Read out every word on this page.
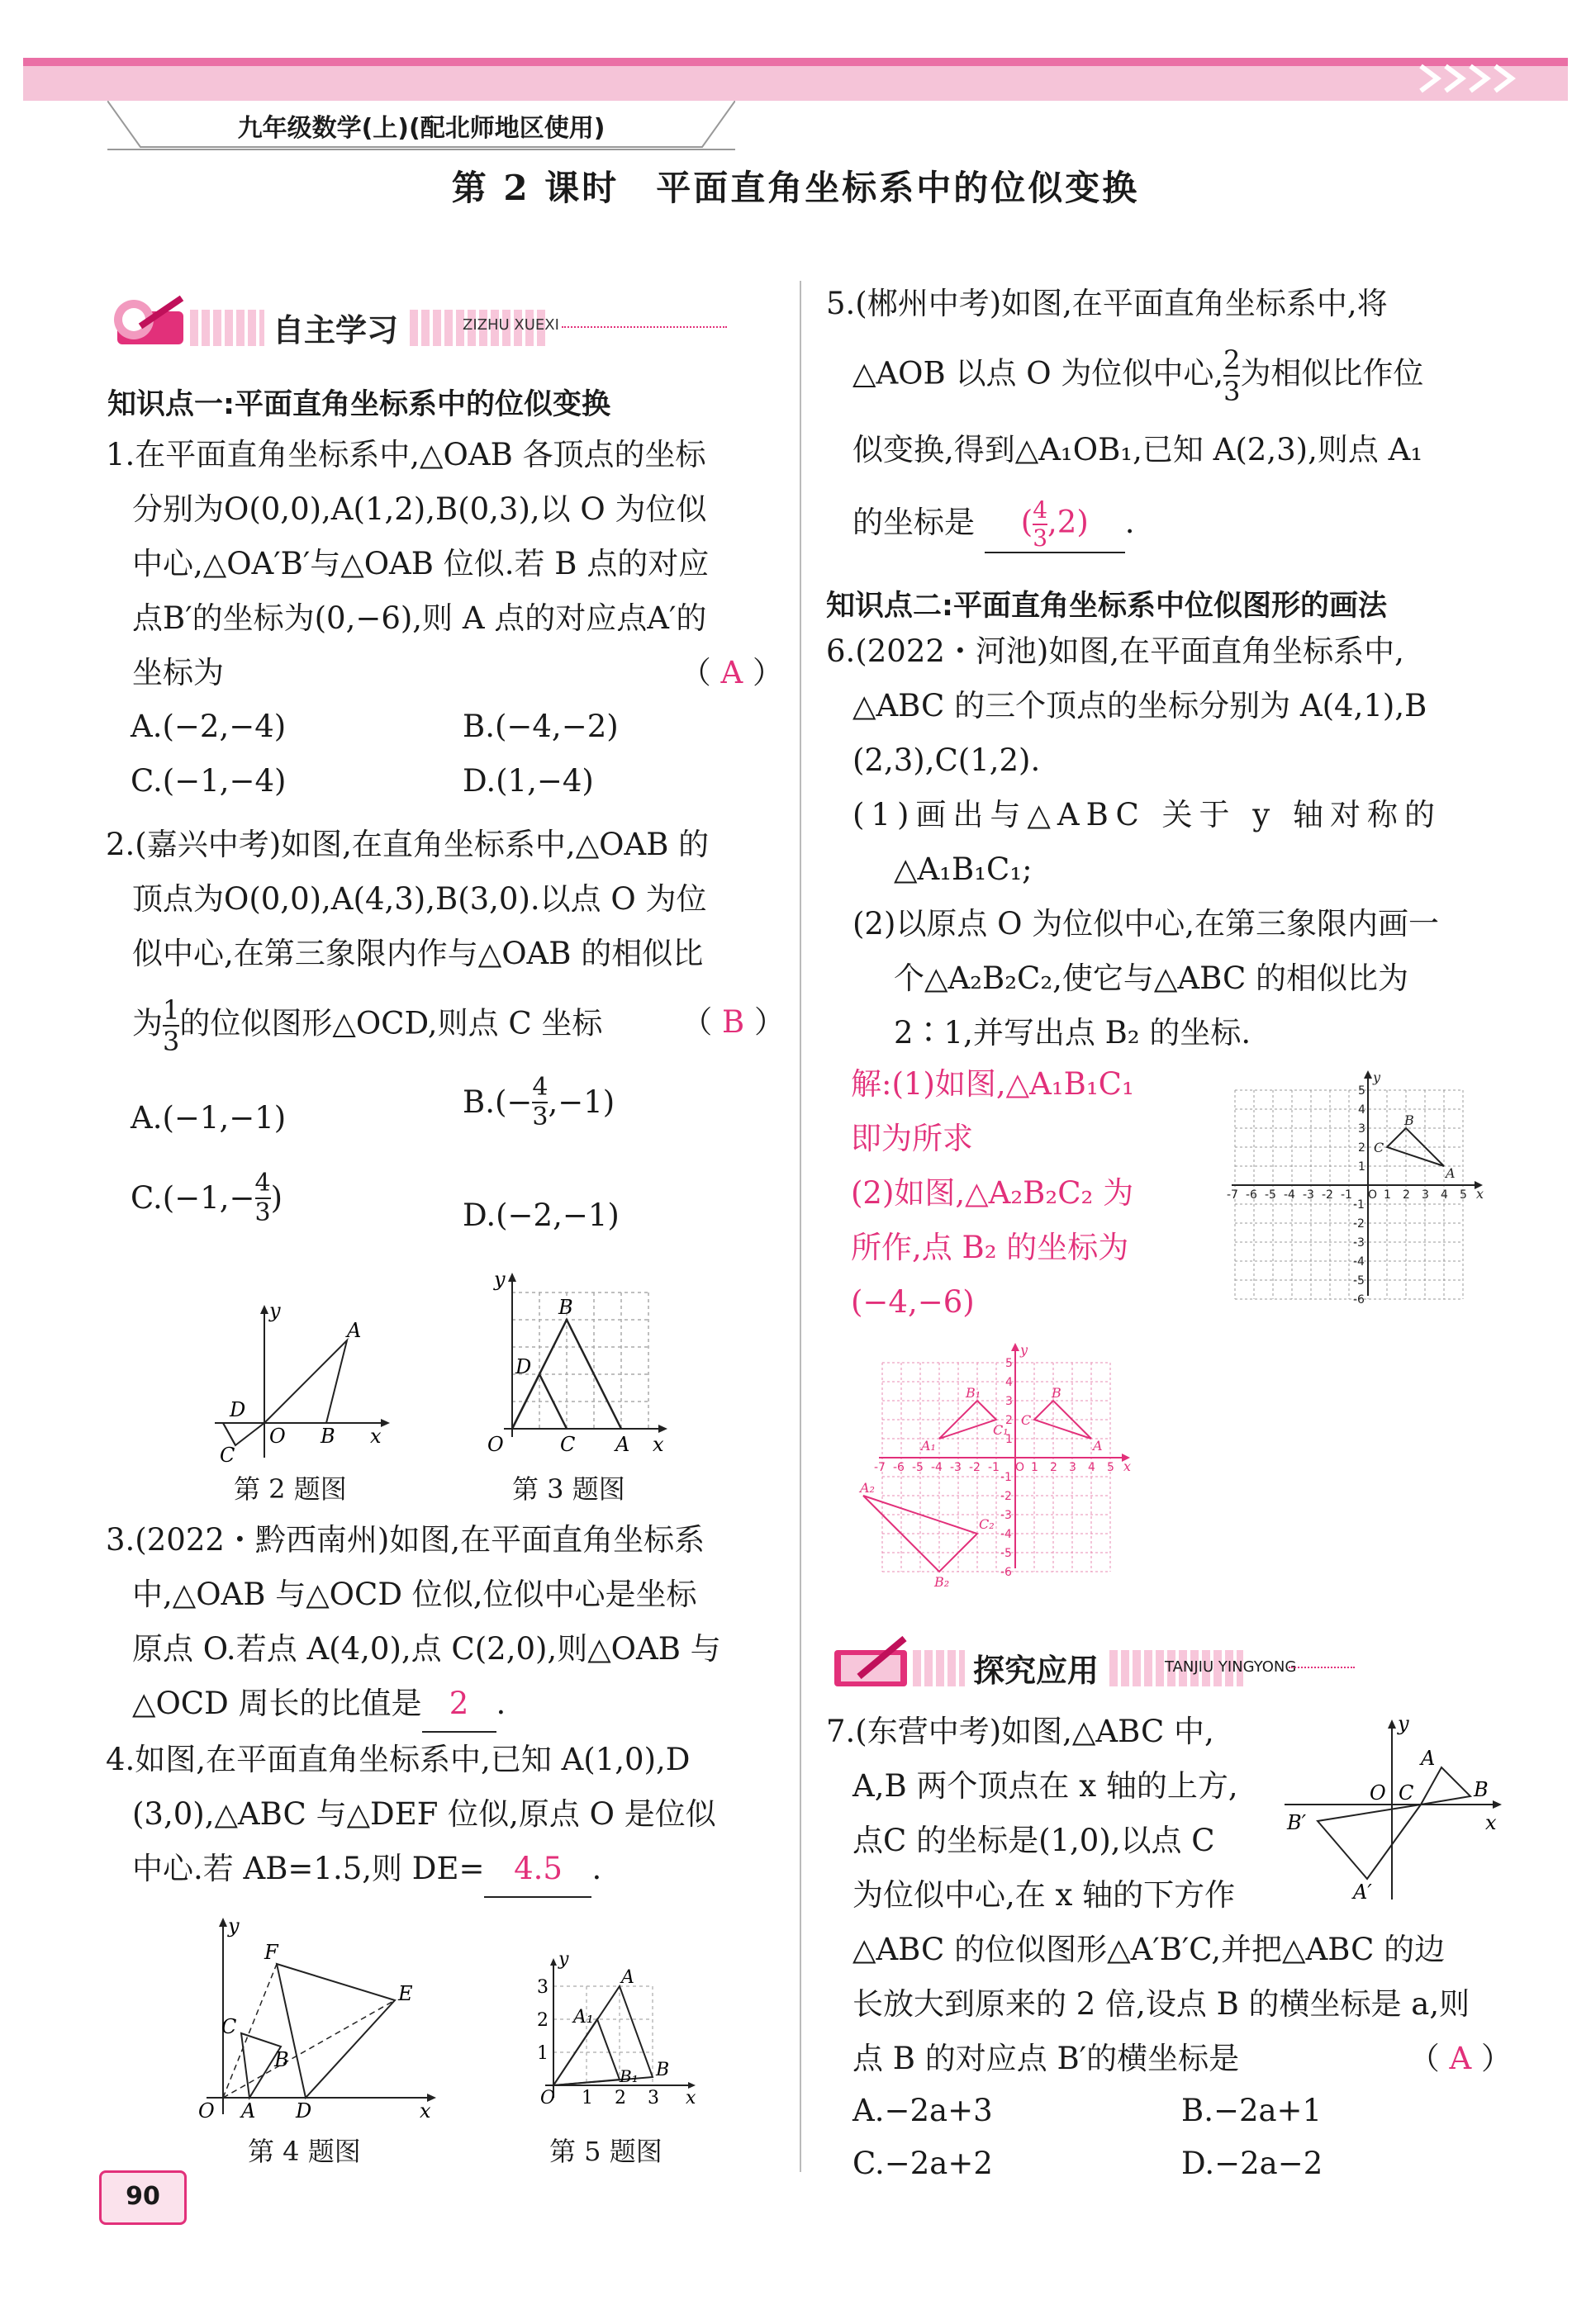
九年级数学(上)(配北师地区使用)
第 2 课时　平面直角坐标系中的位似变换
自主学习	ZIZHU XUEXI
知识点一:平面直角坐标系中的位似变换
1.在平面直角坐标系中,△OAB 各顶点的坐标
分别为O(0,0),A(1,2),B(0,3),以 O 为位似
中心,△OA′B′与△OAB 位似.若 B 点的对应
点B′的坐标为(0,−6),则 A 点的对应点A′的
坐标为	（ A ）
A.(−2,−4)	B.(−4,−2)
C.(−1,−4)	D.(1,−4)
2.(嘉兴中考)如图,在直角坐标系中,△OAB 的
顶点为O(0,0),A(4,3),B(3,0).以点 O 为位
似中心,在第三象限内作与△OAB 的相似比
为 $\frac{1}{3}$ 的位似图形△OCD,则点 C 坐标	（ B ）
A.(−1,−1)	$B.(- \frac{4}{3} ,-1)$
$C.(-1,- \frac{4}{3}$ )	D.(−2,−1)
y
A
D
O B x
C
第 2 题图
y
B
D
O	C A x
第 3 题图
3.(2022・黔西南州)如图,在平面直角坐标系
中,△OAB 与△OCD 位似,位似中心是坐标
原点 O.若点 A(4,0),点 C(2,0),则△OAB 与
△OCD 周长的比值是 2 .
4.如图,在平面直角坐标系中,已知 A(1,0),D
(3,0),△ABC 与△DEF 位似,原点 O 是位似
中心.若 AB=1.5,则 DE= 4.5 .
y
F
E
C
B
O A D	x
第 4 题图
y
3
2
1
O 1 2 3 x
A
A₁
B
B₁
第 5 题图
90
5.(郴州中考)如图,在平面直角坐标系中,将
△AOB 以点 O 为位似中心, $\frac{2}{3}$ 为相似比作位
似变换,得到△A₁OB₁,已知 A(2,3),则点 A₁
的坐标是 ( $\frac{4}{3} ,2$) .
知识点二:平面直角坐标系中位似图形的画法
6.(2022・河池)如图,在平面直角坐标系中,
△ABC 的三个顶点的坐标分别为 A(4,1),B
(2,3),C(1,2).
(1)画出与△ABC 关于 y 轴对称的
△A₁B₁C₁;
(2)以原点 O 为位似中心,在第三象限内画一
个△A₂B₂C₂,使它与△ABC 的相似比为
2∶1,并写出点 B₂ 的坐标.
解:(1)如图,△A₁B₁C₁
即为所求
(2)如图,△A₂B₂C₂ 为
所作,点 B₂ 的坐标为
(−4,−6)
-7 -6 -5 -4 -3 -2 -1 O 1 2 3 4 5
5
4
3
2
1
-1
-2
-3
-4
-5
-6
x
y
A
B
C
-7 -6 -5 -4 -3 -2 -1 O 1 2 3 4 5
5
4
3
2
1
-1
-2
-3
-4
-5
-6
x
y
A
B
C
A₁
B₁
C₁
A₂
B₂
C₂
探究应用	TANJIU YINGYONG
7.(东营中考)如图,△ABC 中,
A,B 两个顶点在 x 轴的上方,
点C 的坐标是(1,0),以点 C
为位似中心,在 x 轴的下方作
△ABC 的位似图形△A′B′C,并把△ABC 的边
长放大到原来的 2 倍,设点 B 的横坐标是 a,则
点 B 的对应点 B′的横坐标是	（ A ）
A.−2a+3	B.−2a+1
C.−2a+2	D.−2a−2
y
A
O C	B
x
B′
A′
